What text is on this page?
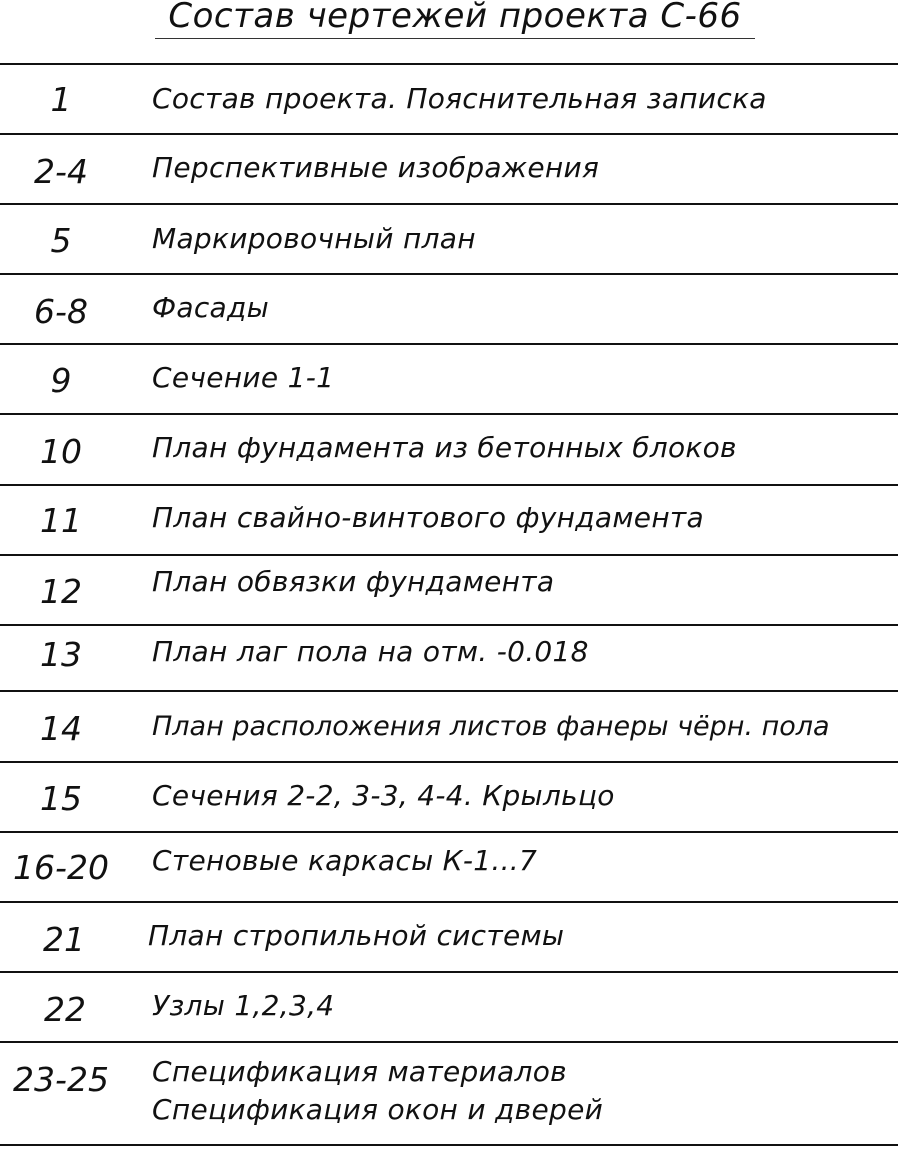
Состав чертежей проекта С-66
1	Состав проекта. Пояснительная записка
2-4	Перспективные изображения
5	Маркировочный план
6-8	Фасады
9	Сечение 1-1
10	План фундамента из бетонных блоков
11	План свайно-винтового фундамента
12	План обвязки фундамента
13	План лаг пола на отм. -0.018
14	План расположения листов фанеры чёрн. пола
15	Сечения 2-2, 3-3, 4-4. Крыльцо
16-20	Стеновые каркасы К-1...7
21	План стропильной системы
22	Узлы 1,2,3,4
23-25	Спецификация материалов
Спецификация окон и дверей
